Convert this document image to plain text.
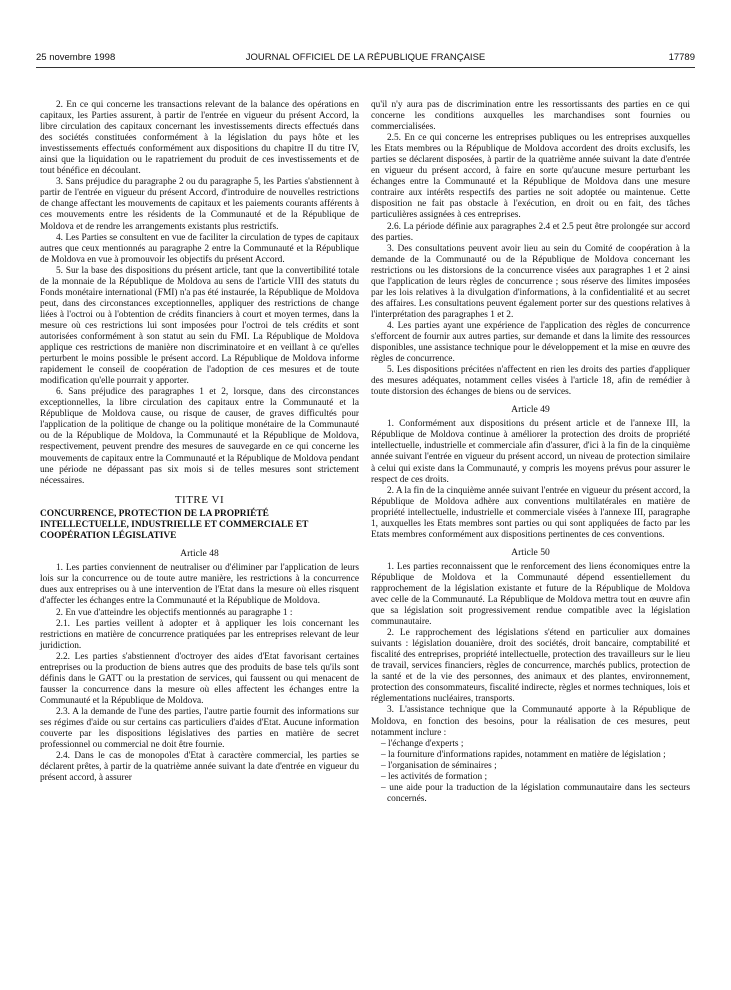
25 novembre 1998	JOURNAL OFFICIEL DE LA RÉPUBLIQUE FRANÇAISE	17789

2. En ce qui concerne les transactions relevant de la balance des opérations en capitaux, les Parties assurent, à partir de l'entrée en vigueur du présent Accord, la libre circulation des capitaux concernant les investissements directs effectués dans des sociétés constituées conformément à la législation du pays hôte et les investissements effectués conformément aux dispositions du chapitre II du titre IV, ainsi que la liquidation ou le rapatriement du produit de ces investissements et de tout bénéfice en découlant.

3. Sans préjudice du paragraphe 2 ou du paragraphe 5, les Parties s'abstiennent à partir de l'entrée en vigueur du présent Accord, d'introduire de nouvelles restrictions de change affectant les mouvements de capitaux et les paiements courants afférents à ces mouvements entre les résidents de la Communauté et de la République de Moldova et de rendre les arrangements existants plus restrictifs.

4. Les Parties se consultent en vue de faciliter la circulation de types de capitaux autres que ceux mentionnés au paragraphe 2 entre la Communauté et la République de Moldova en vue à promouvoir les objectifs du présent Accord.

5. Sur la base des dispositions du présent article, tant que la convertibilité totale de la monnaie de la République de Moldova au sens de l'article VIII des statuts du Fonds monétaire international (FMI) n'a pas été instaurée, la République de Moldova peut, dans des circonstances exceptionnelles, appliquer des restrictions de change liées à l'octroi ou à l'obtention de crédits financiers à court et moyen termes, dans la mesure où ces restrictions lui sont imposées pour l'octroi de tels crédits et sont autorisées conformément à son statut au sein du FMI. La République de Moldova applique ces restrictions de manière non discriminatoire et en veillant à ce qu'elles perturbent le moins possible le présent accord. La République de Moldova informe rapidement le conseil de coopération de l'adoption de ces mesures et de toute modification qu'elle pourrait y apporter.

6. Sans préjudice des paragraphes 1 et 2, lorsque, dans des circonstances exceptionnelles, la libre circulation des capitaux entre la Communauté et la République de Moldova cause, ou risque de causer, de graves difficultés pour l'application de la politique de change ou la politique monétaire de la Communauté ou de la République de Moldova, la Communauté et la République de Moldova, respectivement, peuvent prendre des mesures de sauvegarde en ce qui concerne les mouvements de capitaux entre la Communauté et la République de Moldova pendant une période ne dépassant pas six mois si de telles mesures sont strictement nécessaires.

TITRE VI
CONCURRENCE, PROTECTION DE LA PROPRIÉTÉ INTELLECTUELLE, INDUSTRIELLE ET COMMERCIALE ET COOPÉRATION LÉGISLATIVE
Article 48

1. Les parties conviennent de neutraliser ou d'éliminer par l'application de leurs lois sur la concurrence ou de toute autre manière, les restrictions à la concurrence dues aux entreprises ou à une intervention de l'Etat dans la mesure où elles risquent d'affecter les échanges entre la Communauté et la République de Moldova.

2. En vue d'atteindre les objectifs mentionnés au paragraphe 1 :

2.1. Les parties veillent à adopter et à appliquer les lois concernant les restrictions en matière de concurrence pratiquées par les entreprises relevant de leur juridiction.

2.2. Les parties s'abstiennent d'octroyer des aides d'Etat favorisant certaines entreprises ou la production de biens autres que des produits de base tels qu'ils sont définis dans le GATT ou la prestation de services, qui faussent ou qui menacent de fausser la concurrence dans la mesure où elles affectent les échanges entre la Communauté et la République de Moldova.

2.3. A la demande de l'une des parties, l'autre partie fournit des informations sur ses régimes d'aide ou sur certains cas particuliers d'aides d'Etat. Aucune information couverte par les dispositions législatives des parties en matière de secret professionnel ou commercial ne doit être fournie.

2.4. Dans le cas de monopoles d'Etat à caractère commercial, les parties se déclarent prêtes, à partir de la quatrième année suivant la date d'entrée en vigueur du présent accord, à assurer

qu'il n'y aura pas de discrimination entre les ressortissants des parties en ce qui concerne les conditions auxquelles les marchandises sont fournies ou commercialisées.

2.5. En ce qui concerne les entreprises publiques ou les entreprises auxquelles les Etats membres ou la République de Moldova accordent des droits exclusifs, les parties se déclarent disposées, à partir de la quatrième année suivant la date d'entrée en vigueur du présent accord, à faire en sorte qu'aucune mesure perturbant les échanges entre la Communauté et la République de Moldova dans une mesure contraire aux intérêts respectifs des parties ne soit adoptée ou maintenue. Cette disposition ne fait pas obstacle à l'exécution, en droit ou en fait, des tâches particulières assignées à ces entreprises.

2.6. La période définie aux paragraphes 2.4 et 2.5 peut être prolongée sur accord des parties.

3. Des consultations peuvent avoir lieu au sein du Comité de coopération à la demande de la Communauté ou de la République de Moldova concernant les restrictions ou les distorsions de la concurrence visées aux paragraphes 1 et 2 ainsi que l'application de leurs règles de concurrence ; sous réserve des limites imposées par les lois relatives à la divulgation d'informations, à la confidentialité et au secret des affaires. Les consultations peuvent également porter sur des questions relatives à l'interprétation des paragraphes 1 et 2.

4. Les parties ayant une expérience de l'application des règles de concurrence s'efforcent de fournir aux autres parties, sur demande et dans la limite des ressources disponibles, une assistance technique pour le développement et la mise en œuvre des règles de concurrence.

5. Les dispositions précitées n'affectent en rien les droits des parties d'appliquer des mesures adéquates, notamment celles visées à l'article 18, afin de remédier à toute distorsion des échanges de biens ou de services.

Article 49

1. Conformément aux dispositions du présent article et de l'annexe III, la République de Moldova continue à améliorer la protection des droits de propriété intellectuelle, industrielle et commerciale afin d'assurer, d'ici à la fin de la cinquième année suivant l'entrée en vigueur du présent accord, un niveau de protection similaire à celui qui existe dans la Communauté, y compris les moyens prévus pour assurer le respect de ces droits.

2. A la fin de la cinquième année suivant l'entrée en vigueur du présent accord, la République de Moldova adhère aux conventions multilatérales en matière de propriété intellectuelle, industrielle et commerciale visées à l'annexe III, paragraphe 1, auxquelles les Etats membres sont parties ou qui sont appliquées de facto par les Etats membres conformément aux dispositions pertinentes de ces conventions.

Article 50

1. Les parties reconnaissent que le renforcement des liens économiques entre la République de Moldova et la Communauté dépend essentiellement du rapprochement de la législation existante et future de la République de Moldova avec celle de la Communauté. La République de Moldova mettra tout en œuvre afin que sa législation soit progressivement rendue compatible avec la législation communautaire.

2. Le rapprochement des législations s'étend en particulier aux domaines suivants : législation douanière, droit des sociétés, droit bancaire, comptabilité et fiscalité des entreprises, propriété intellectuelle, protection des travailleurs sur le lieu de travail, services financiers, règles de concurrence, marchés publics, protection de la santé et de la vie des personnes, des animaux et des plantes, environnement, protection des consommateurs, fiscalité indirecte, règles et normes techniques, lois et réglementations nucléaires, transports.

3. L'assistance technique que la Communauté apporte à la République de Moldova, en fonction des besoins, pour la réalisation de ces mesures, peut notamment inclure :

– l'échange d'experts ;

– la fourniture d'informations rapides, notamment en matière de législation ;

– l'organisation de séminaires ;

– les activités de formation ;

– une aide pour la traduction de la législation communautaire dans les secteurs concernés.
